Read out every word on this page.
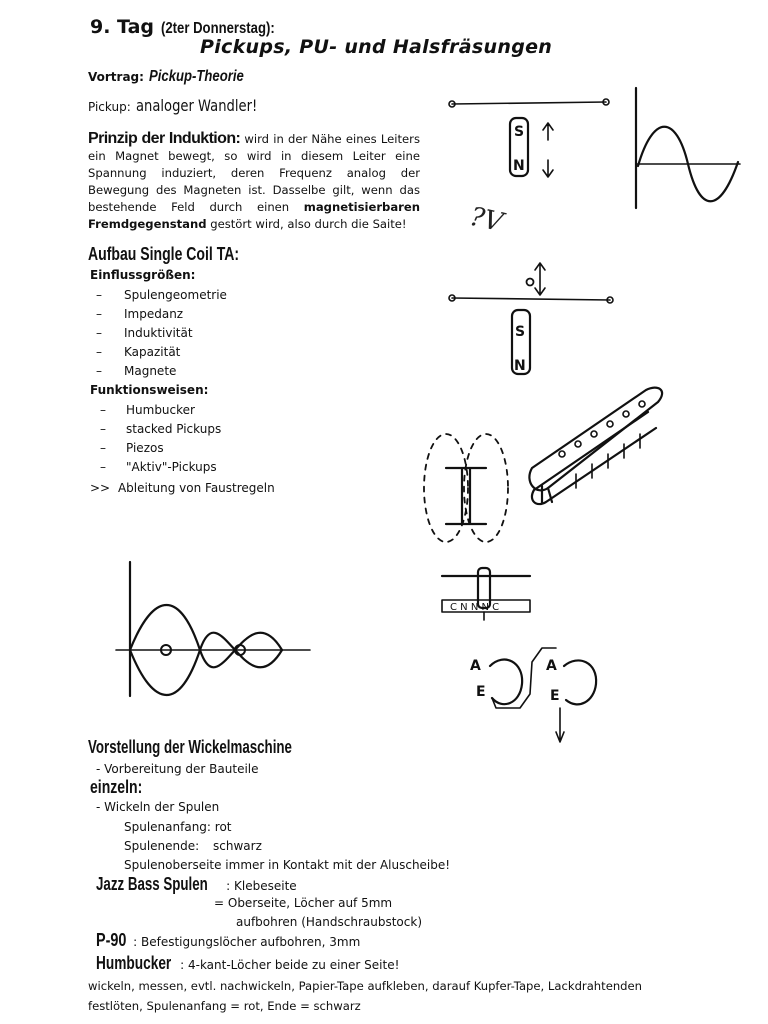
9. Tag (2ter Donnerstag):
Pickups, PU- und Halsfräsungen
Vortrag: Pickup-Theorie
Pickup: analoger Wandler!
Prinzip der Induktion: wird in der Nähe eines Leiters ein Magnet bewegt, so wird in diesem Leiter eine Spannung induziert, deren Frequenz analog der Bewegung des Magneten ist. Dasselbe gilt, wenn das bestehende Feld durch einen magnetisierbaren Fremdgegenstand gestört wird, also durch die Saite!
Aufbau Single Coil TA:
Einflussgrößen:
– Spulengeometrie
– Impedanz
– Induktivität
– Kapazität
– Magnete
Funktionsweisen:
– Humbucker
– stacked Pickups
– Piezos
– "Aktiv"-Pickups
>> Ableitung von Faustregeln
S
N
?V
S
N
C N N N C
A
E
A
E
Vorstellung der Wickelmaschine
- Vorbereitung der Bauteile
einzeln:
- Wickeln der Spulen
Spulenanfang: rot
Spulenende: schwarz
Spulenoberseite immer in Kontakt mit der Aluscheibe!
Jazz Bass Spulen : Klebeseite
= Oberseite, Löcher auf 5mm
aufbohren (Handschraubstock)
P-90 : Befestigungslöcher aufbohren, 3mm
Humbucker : 4-kant-Löcher beide zu einer Seite!
wickeln, messen, evtl. nachwickeln, Papier-Tape aufkleben, darauf Kupfer-Tape, Lackdrahtenden
festlöten, Spulenanfang = rot, Ende = schwarz
